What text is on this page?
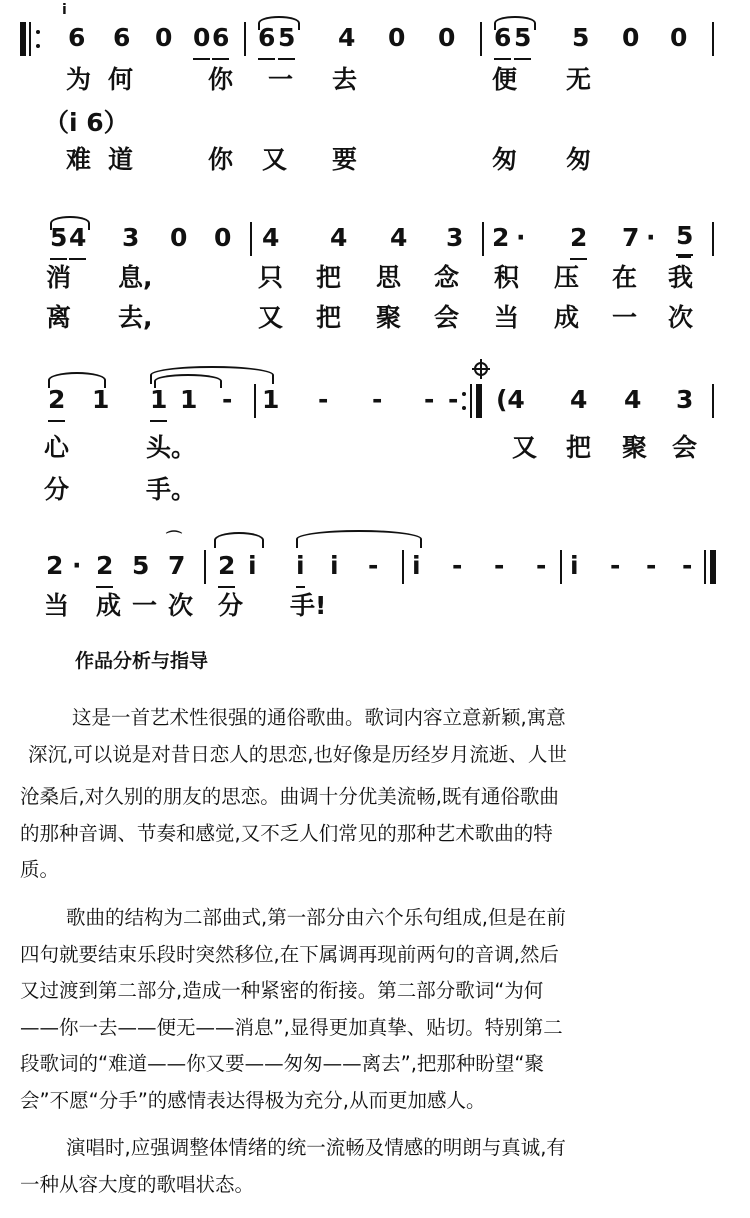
i
6 6 0 0 6 6 5 4 0 0 6 5 5 0 0
为 何	你 一 去	便 无
（i 6）
难 道	你 又 要	匆 匆
5 4 3 0 0 4 4 4 3 2 · 2 7 · 5
消 息,	只 把 思 念 积 压 在 我
离 去,	又 把 聚 会 当 成 一 次
2 1 1 1 - 1 - - - - (4 4 4 3
心	头。	又 把 聚 会
分	手。
2 · 2 5
⌒
7 2 i i i - i - - - i - - -
当 成 一 次 分 手!
作品分析与指导
这是一首艺术性很强的通俗歌曲。歌词内容立意新颖,寓意
深沉,可以说是对昔日恋人的思恋,也好像是历经岁月流逝、人世
沧桑后,对久别的朋友的思恋。曲调十分优美流畅,既有通俗歌曲
的那种音调、节奏和感觉,又不乏人们常见的那种艺术歌曲的特
质。
歌曲的结构为二部曲式,第一部分由六个乐句组成,但是在前
四句就要结束乐段时突然移位,在下属调再现前两句的音调,然后
又过渡到第二部分,造成一种紧密的衔接。第二部分歌词“为何
——你一去——便无——消息”,显得更加真挚、贴切。特别第二
段歌词的“难道——你又要——匆匆——离去”,把那种盼望“聚
会”不愿“分手”的感情表达得极为充分,从而更加感人。
演唱时,应强调整体情绪的统一流畅及情感的明朗与真诚,有
一种从容大度的歌唱状态。
